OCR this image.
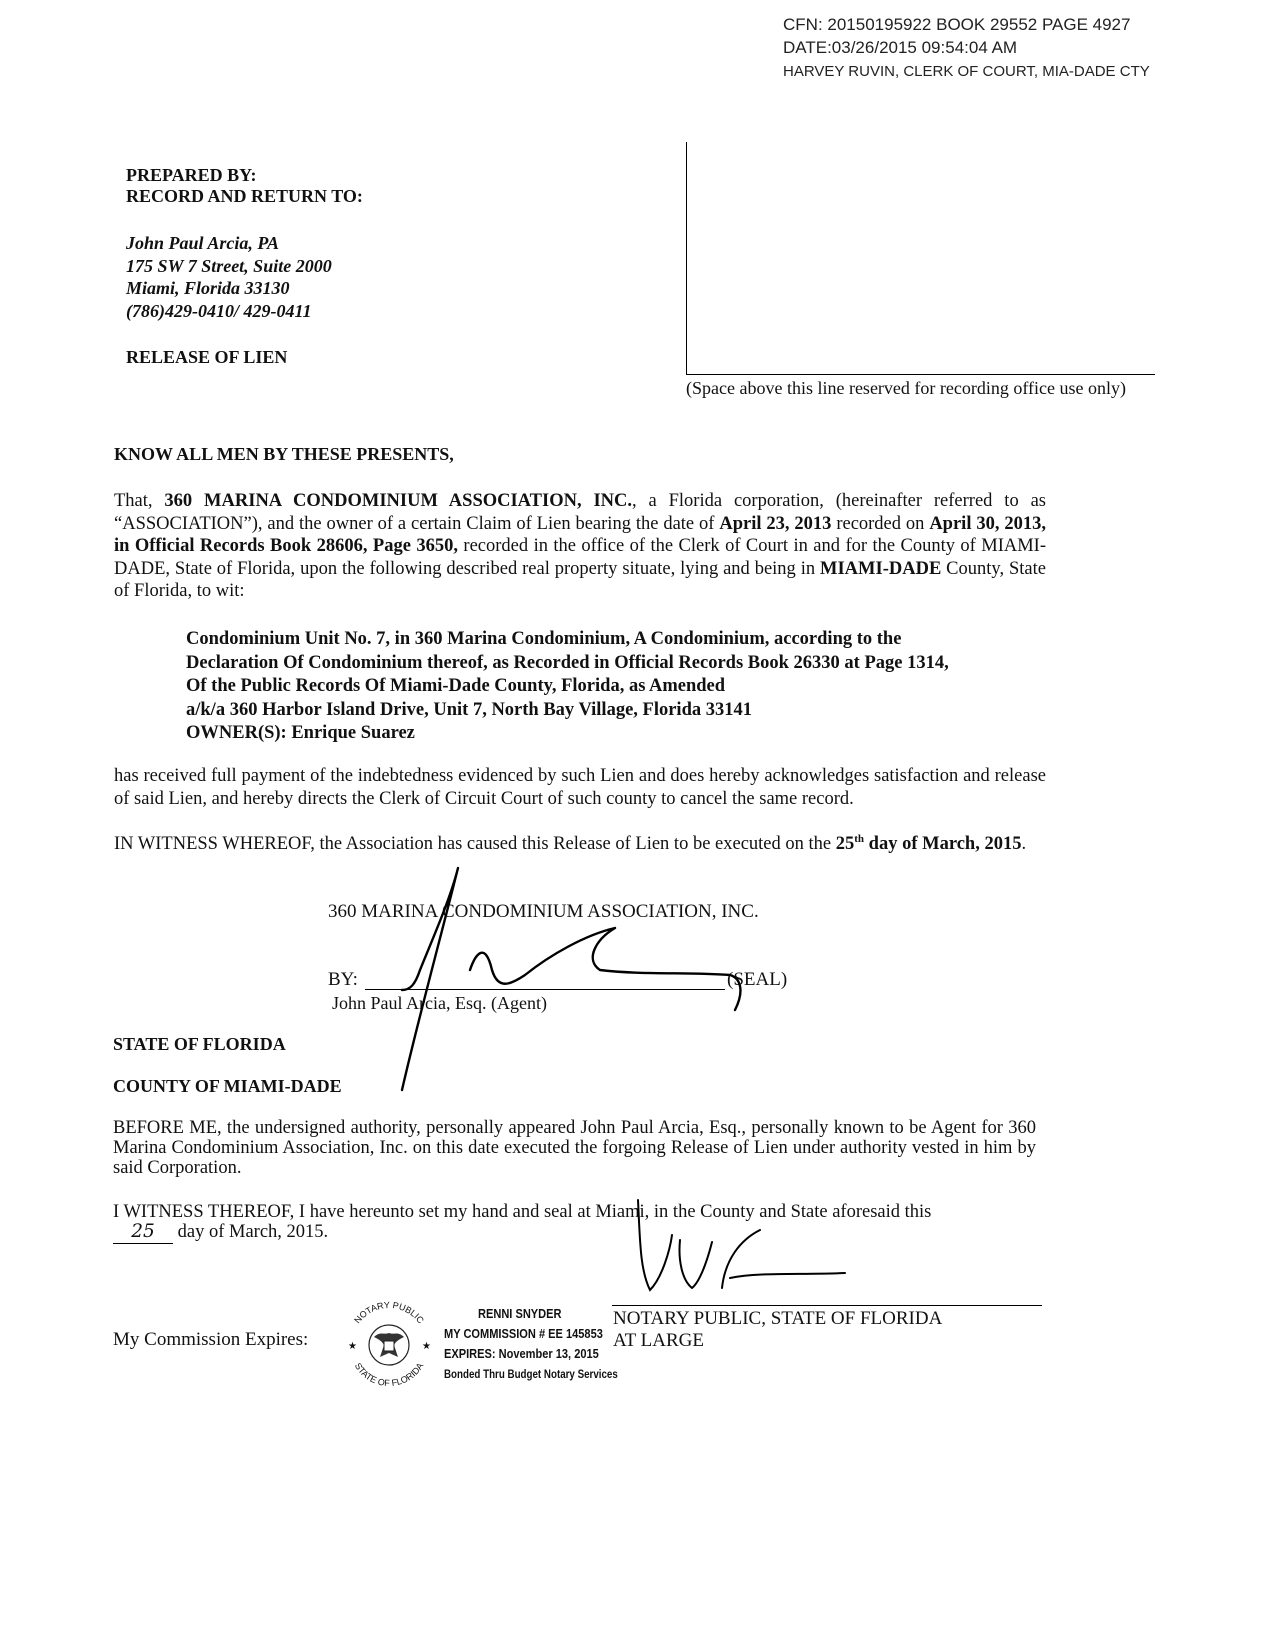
CFN: 20150195922 BOOK 29552 PAGE 4927
DATE:03/26/2015 09:54:04 AM
HARVEY RUVIN, CLERK OF COURT, MIA-DADE CTY
(Space above this line reserved for recording office use only)
PREPARED BY:
RECORD AND RETURN TO:
John Paul Arcia, PA
175 SW 7 Street, Suite 2000
Miami, Florida 33130
(786)429-0410/ 429-0411
RELEASE OF LIEN
KNOW ALL MEN BY THESE PRESENTS,
That, 360 MARINA CONDOMINIUM ASSOCIATION, INC., a Florida corporation, (hereinafter referred to as “ASSOCIATION”), and the owner of a certain Claim of Lien bearing the date of April 23, 2013 recorded on April 30, 2013, in Official Records Book 28606, Page 3650, recorded in the office of the Clerk of Court in and for the County of MIAMI-DADE, State of Florida, upon the following described real property situate, lying and being in MIAMI-DADE County, State of Florida, to wit:
Condominium Unit No. 7, in 360 Marina Condominium, A Condominium, according to the
Declaration Of Condominium thereof, as Recorded in Official Records Book 26330 at Page 1314,
Of the Public Records Of Miami-Dade County, Florida, as Amended
a/k/a 360 Harbor Island Drive, Unit 7, North Bay Village, Florida 33141
OWNER(S): Enrique Suarez
has received full payment of the indebtedness evidenced by such Lien and does hereby acknowledges satisfaction and release of said Lien, and hereby directs the Clerk of Circuit Court of such county to cancel the same record.
IN WITNESS WHEREOF, the Association has caused this Release of Lien to be executed on the 25th day of March, 2015.
360 MARINA CONDOMINIUM ASSOCIATION, INC.
BY:	(SEAL)
John Paul Arcia, Esq. (Agent)
STATE OF FLORIDA
COUNTY OF MIAMI-DADE
BEFORE ME, the undersigned authority, personally appeared John Paul Arcia, Esq., personally known to be Agent for 360 Marina Condominium Association, Inc. on this date executed the forgoing Release of Lien under authority vested in him by said Corporation.
I WITNESS THEREOF, I have hereunto set my hand and seal at Miami, in the County and State aforesaid this
25 day of March, 2015.
My Commission Expires:
NOTARY PUBLIC
STATE OF FLORIDA
★	★
RENNI SNYDER
MY COMMISSION # EE 145853
EXPIRES: November 13, 2015
Bonded Thru Budget Notary Services
NOTARY PUBLIC, STATE OF FLORIDA
AT LARGE
